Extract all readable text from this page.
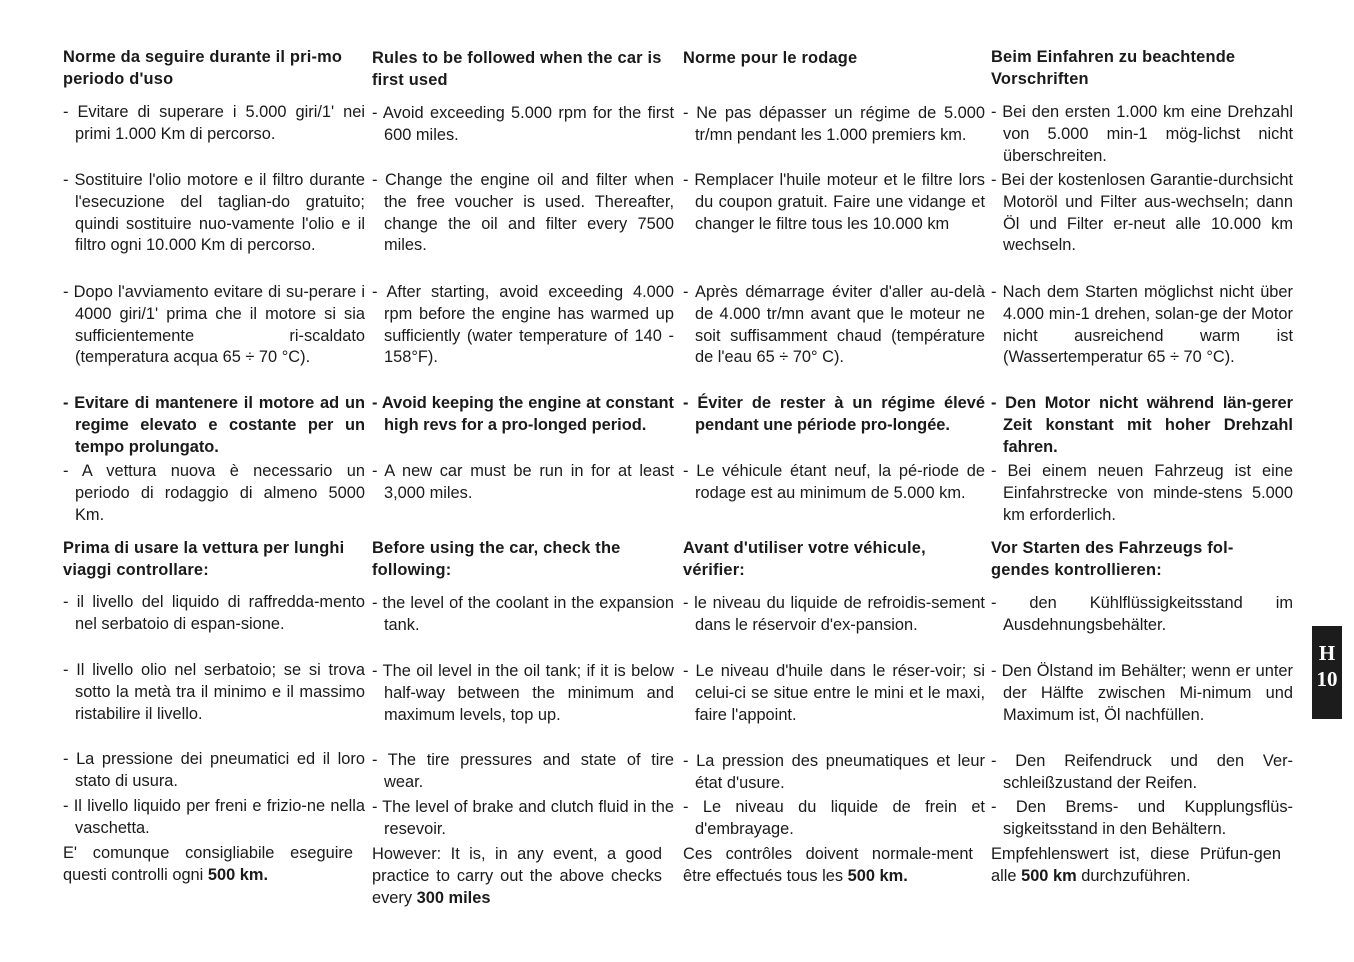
Norme da seguire durante il pri-mo periodo d'uso

- Evitare di superare i 5.000 giri/1' nei primi 1.000 Km di percorso.

- Sostituire l'olio motore e il filtro durante l'esecuzione del taglian-do gratuito; quindi sostituire nuo-vamente l'olio e il filtro ogni 10.000 Km di percorso.

- Dopo l'avviamento evitare di su-perare i 4000 giri/1' prima che il motore si sia sufficientemente ri-scaldato (temperatura acqua 65 ÷ 70 °C).

- Evitare di mantenere il motore ad un regime elevato e costante per un tempo prolungato.

- A vettura nuova è necessario un periodo di rodaggio di almeno 5000 Km.

Prima di usare la vettura per lunghi viaggi controllare:

- il livello del liquido di raffredda-mento nel serbatoio di espan-sione.

- Il livello olio nel serbatoio; se si trova sotto la metà tra il minimo e il massimo ristabilire il livello.

- La pressione dei pneumatici ed il loro stato di usura.

- Il livello liquido per freni e frizio-ne nella vaschetta.

E' comunque consigliabile eseguire questi controlli ogni 500 km.

Rules to be followed when the car is first used

- Avoid exceeding 5.000 rpm for the first 600 miles.

- Change the engine oil and filter when the free voucher is used. Thereafter, change the oil and filter every 7500 miles.

- After starting, avoid exceeding 4.000 rpm before the engine has warmed up sufficiently (water temperature of 140 - 158°F).

- Avoid keeping the engine at constant high revs for a pro-longed period.

- A new car must be run in for at least 3,000 miles.

Before using the car, check the following:

- the level of the coolant in the expansion tank.

- The oil level in the oil tank; if it is below half-way between the minimum and maximum levels, top up.

- The tire pressures and state of tire wear.

- The level of brake and clutch fluid in the resevoir.

However: It is, in any event, a good practice to carry out the above checks every 300 miles

Norme pour le rodage

- Ne pas dépasser un régime de 5.000 tr/mn pendant les 1.000 premiers km.

- Remplacer l'huile moteur et le filtre lors du coupon gratuit. Faire une vidange et changer le filtre tous les 10.000 km

- Après démarrage éviter d'aller au-delà de 4.000 tr/mn avant que le moteur ne soit suffisamment chaud (température de l'eau 65 ÷ 70° C).

- Éviter de rester à un régime élevé pendant une période pro-longée.

- Le véhicule étant neuf, la pé-riode de rodage est au minimum de 5.000 km.

Avant d'utiliser votre véhicule, vérifier:

- le niveau du liquide de refroidis-sement dans le réservoir d'ex-pansion.

- Le niveau d'huile dans le réser-voir; si celui-ci se situe entre le mini et le maxi, faire l'appoint.

- La pression des pneumatiques et leur état d'usure.

- Le niveau du liquide de frein et d'embrayage.

Ces contrôles doivent normale-ment être effectués tous les 500 km.

Beim Einfahren zu beachtende Vorschriften

- Bei den ersten 1.000 km eine Drehzahl von 5.000 min-1 mög-lichst nicht überschreiten.

- Bei der kostenlosen Garantie-durchsicht Motoröl und Filter aus-wechseln; dann Öl und Filter er-neut alle 10.000 km wechseln.

- Nach dem Starten möglichst nicht über 4.000 min-1 drehen, solan-ge der Motor nicht ausreichend warm ist (Wassertemperatur 65 ÷ 70 °C).

- Den Motor nicht während län-gerer Zeit konstant mit hoher Drehzahl fahren.

- Bei einem neuen Fahrzeug ist eine Einfahrstrecke von minde-stens 5.000 km erforderlich.

Vor Starten des Fahrzeugs fol-gendes kontrollieren:

- den Kühlflüssigkeitsstand im Ausdehnungsbehälter.

- Den Ölstand im Behälter; wenn er unter der Hälfte zwischen Mi-nimum und Maximum ist, Öl nachfüllen.

- Den Reifendruck und den Ver-schleißzustand der Reifen.

- Den Brems- und Kupplungsflüs-sigkeitsstand in den Behältern.

Empfehlenswert ist, diese Prüfun-gen alle 500 km durchzuführen.

H
10
